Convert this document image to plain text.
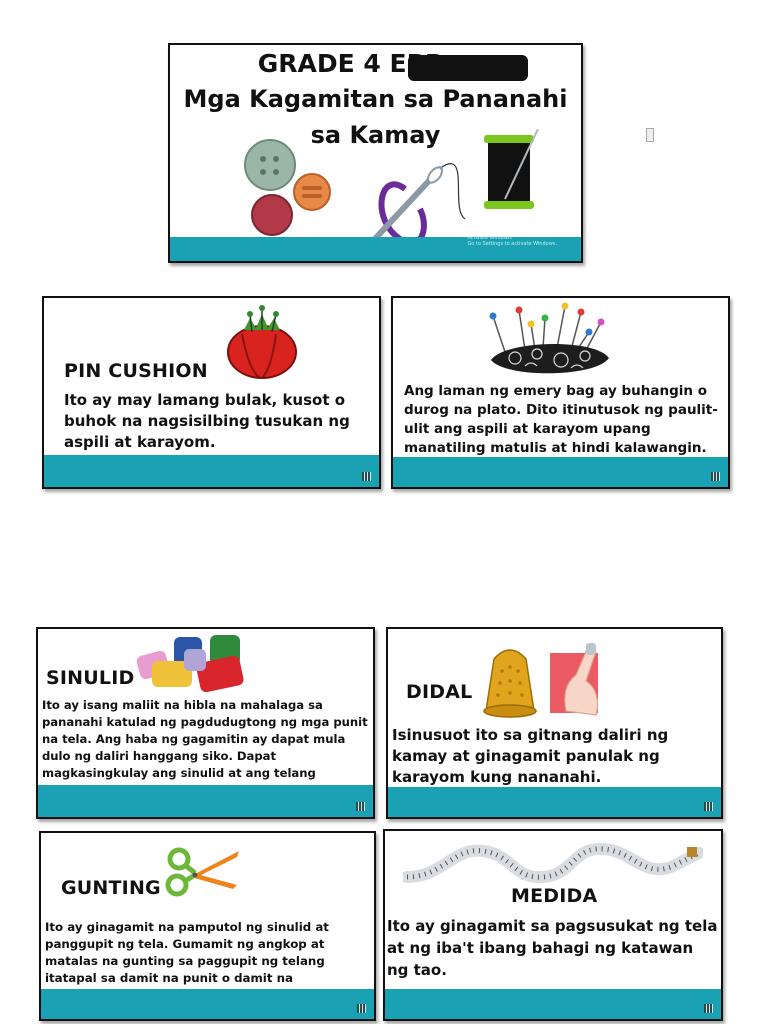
GRADE 4 EPP
Mga Kagamitan sa Pananahi
sa Kamay
Activate Windows
Go to Settings to activate Windows.
PIN CUSHION
Ito ay may lamang bulak, kusot o buhok na nagsisilbing tusukan ng aspili at karayom.
Ang laman ng emery bag ay buhangin o durog na plato. Dito itinutusok ng paulit-ulit ang aspili at karayom upang manatiling matulis at hindi kalawangin.
SINULID
Ito ay isang maliit na hibla na mahalaga sa pananahi katulad ng pagdudugtong ng mga punit na tela. Ang haba ng gagamitin ay dapat mula dulo ng daliri hanggang siko. Dapat magkasingkulay ang sinulid at ang telang
DIDAL
Isinusuot ito sa gitnang daliri ng kamay at ginagamit panulak ng karayom kung nananahi.
GUNTING
Ito ay ginagamit na pamputol ng sinulid at panggupit ng tela. Gumamit ng angkop at matalas na gunting sa paggupit ng telang itatapal sa damit na punit o damit na
MEDIDA
Ito ay ginagamit sa pagsusukat ng tela at ng iba't ibang bahagi ng katawan ng tao.
